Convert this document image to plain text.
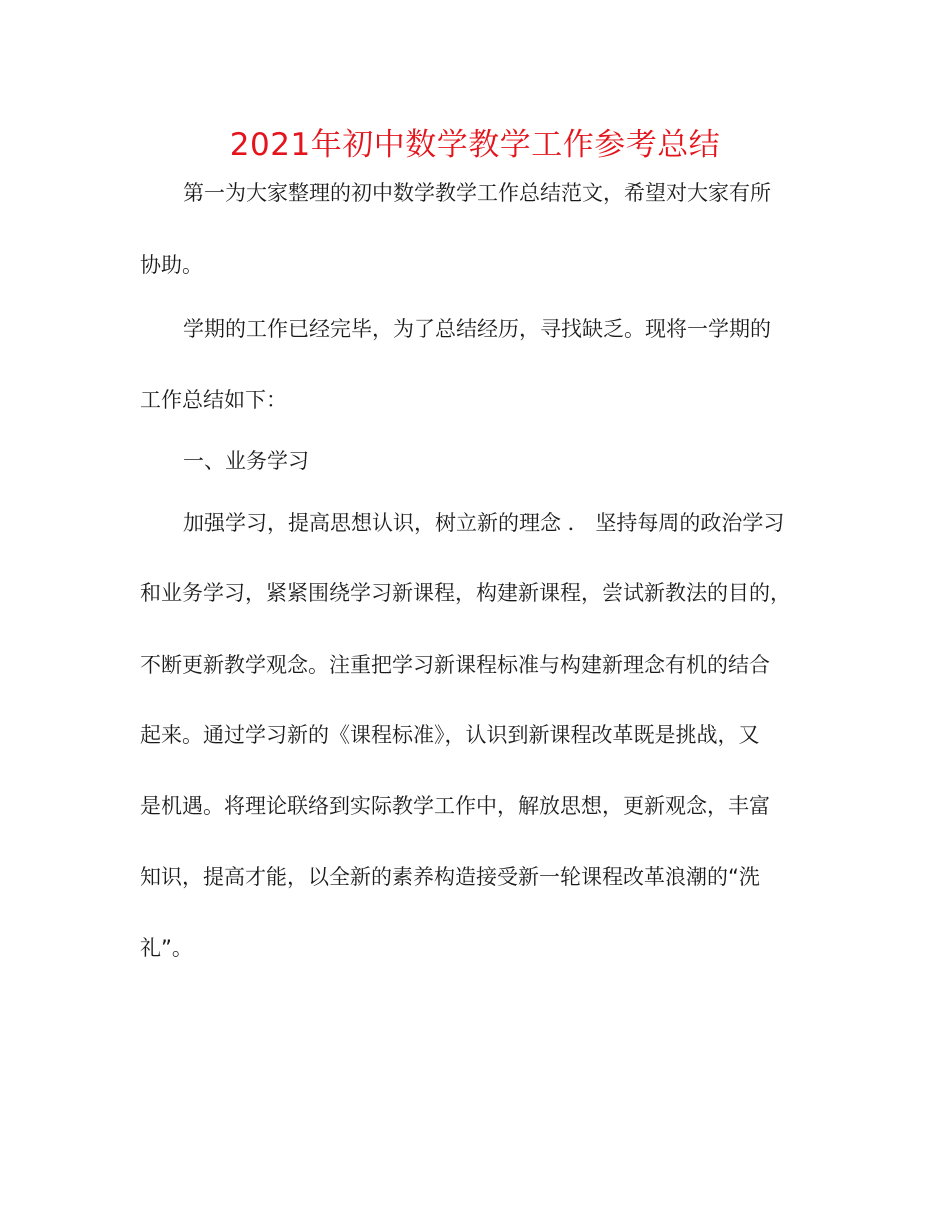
2021年初中数学教学工作参考总结
第一为大家整理的初中数学教学工作总结范文，希望对大家有所
协助。
学期的工作已经完毕，为了总结经历，寻找缺乏。现将一学期的
工作总结如下：
一、业务学习
加强学习，提高思想认识，树立新的理念 ． 坚持每周的政治学习
和业务学习，紧紧围绕学习新课程，构建新课程，尝试新教法的目的，
不断更新教学观念。注重把学习新课程标准与构建新理念有机的结合
起来。通过学习新的《课程标准》，认识到新课程改革既是挑战，又
是机遇。将理论联络到实际教学工作中，解放思想，更新观念，丰富
知识，提高才能，以全新的素养构造接受新一轮课程改革浪潮的“洗
礼”。
